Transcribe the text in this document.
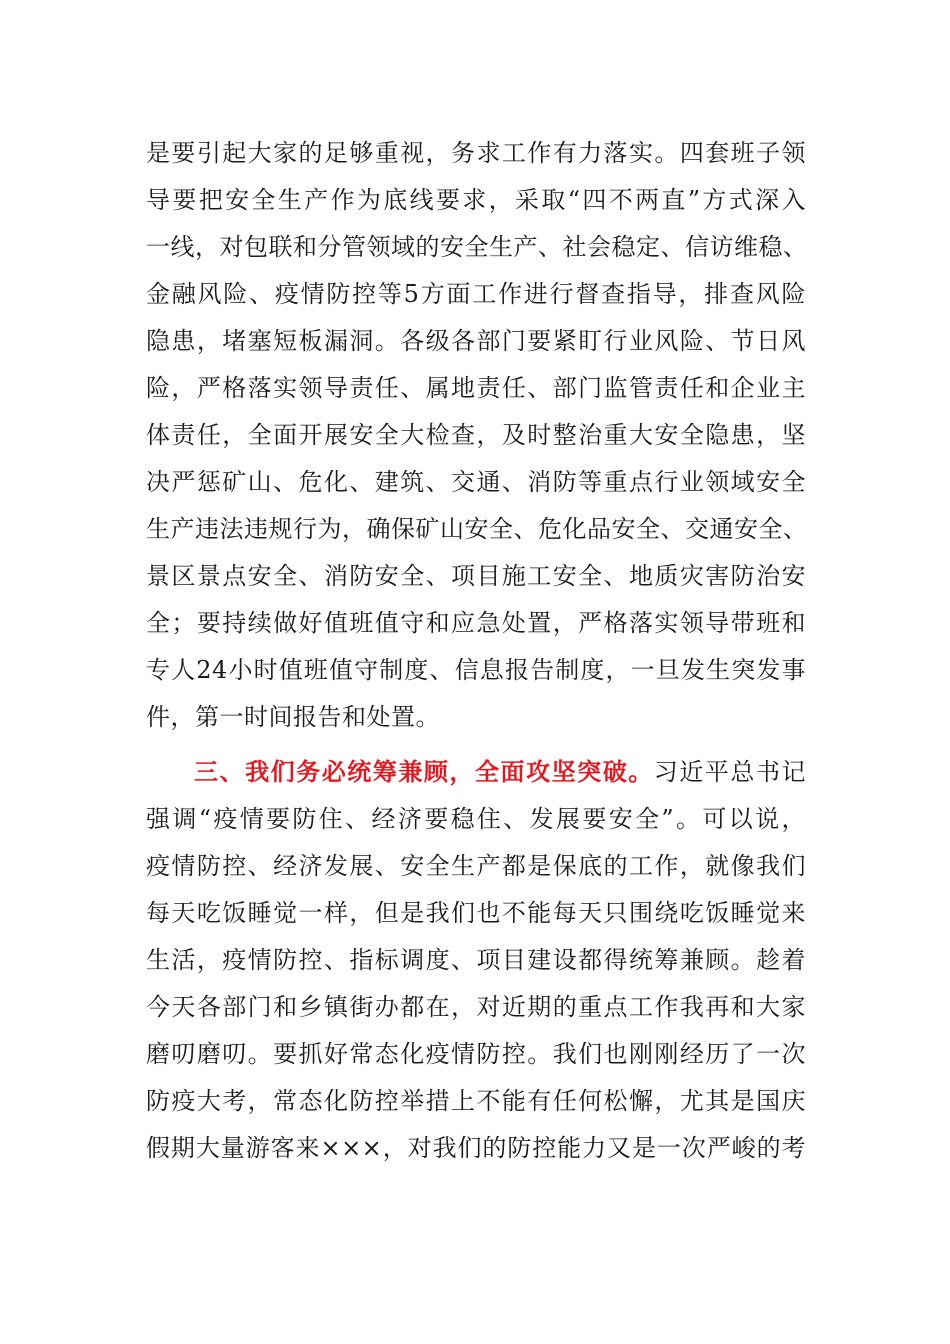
是要引起大家的足够重视，务求工作有力落实。四套班子领
导要把安全生产作为底线要求，采取“四不两直”方式深入
一线，对包联和分管领域的安全生产、社会稳定、信访维稳、
金融风险、疫情防控等5方面工作进行督查指导，排查风险
隐患，堵塞短板漏洞。各级各部门要紧盯行业风险、节日风
险，严格落实领导责任、属地责任、部门监管责任和企业主
体责任，全面开展安全大检查，及时整治重大安全隐患，坚
决严惩矿山、危化、建筑、交通、消防等重点行业领域安全
生产违法违规行为，确保矿山安全、危化品安全、交通安全、
景区景点安全、消防安全、项目施工安全、地质灾害防治安
全；要持续做好值班值守和应急处置，严格落实领导带班和
专人24小时值班值守制度、信息报告制度，一旦发生突发事
件，第一时间报告和处置。
三、我们务必统筹兼顾，全面攻坚突破。习近平总书记
强调“疫情要防住、经济要稳住、发展要安全”。可以说，
疫情防控、经济发展、安全生产都是保底的工作，就像我们
每天吃饭睡觉一样，但是我们也不能每天只围绕吃饭睡觉来
生活，疫情防控、指标调度、项目建设都得统筹兼顾。趁着
今天各部门和乡镇街办都在，对近期的重点工作我再和大家
磨叨磨叨。要抓好常态化疫情防控。我们也刚刚经历了一次
防疫大考，常态化防控举措上不能有任何松懈，尤其是国庆
假期大量游客来×××，对我们的防控能力又是一次严峻的考
